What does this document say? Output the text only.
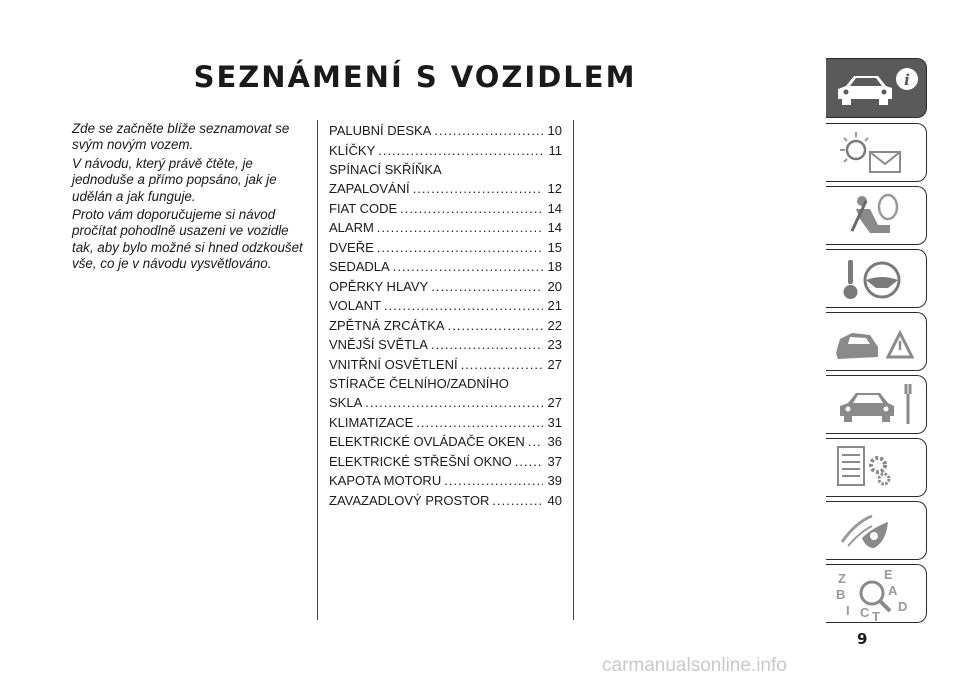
SEZNÁMENÍ S VOZIDLEM

Zde se začněte blíže seznamovat se svým novým vozem.

V návodu, který právě čtěte, je jednoduše a přímo popsáno, jak je udělán a jak funguje.

Proto vám doporučujeme si návod pročítat pohodlně usazeni ve vozidle tak, aby bylo možné si hned odzkoušet vše, co je v návodu vysvětlováno.

PALUBNÍ DESKA .....	10
KLÍČKY .....	11
SPÍNACÍ SKŘÍŇKA
ZAPALOVÁNÍ .....	12
FIAT CODE .....	14
ALARM .....	14
DVEŘE .....	15
SEDADLA .....	18
OPĚRKY HLAVY .....	20
VOLANT .....	21
ZPĚTNÁ ZRCÁTKA .....	22
VNĚJŠÍ SVĚTLA .....	23
VNITŘNÍ OSVĚTLENÍ .....	27
STÍRAČE ČELNÍHO/ZADNÍHO
SKLA .....	27
KLIMATIZACE .....	31
ELEKTRICKÉ OVLÁDAČE OKEN ..... 36
ELEKTRICKÉ STŘEŠNÍ OKNO .....	37
KAPOTA MOTORU .....	39
ZAVAZADLOVÝ PROSTOR .....	40
i
Z	E
B	A
I C T
D
9
carmanualsonline.info
